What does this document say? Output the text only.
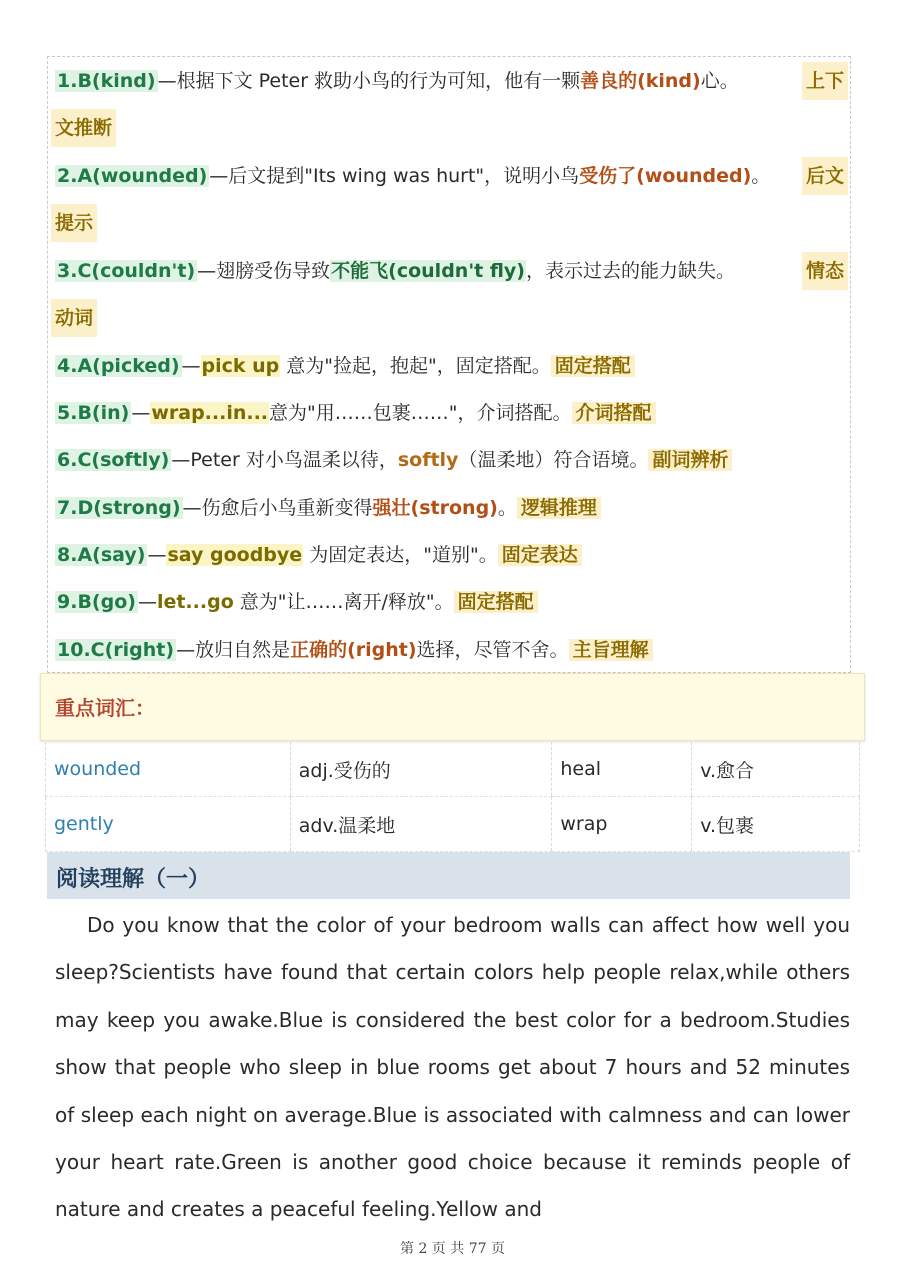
1.B(kind) —根据下文 Peter 救助小鸟的行为可知，他有一颗善良的(kind)心。	上下
文推断
2.A(wounded) —后文提到"Its wing was hurt"，说明小鸟受伤了(wounded)。 后文
提示
3.C(couldn't) —翅膀受伤导致不能飞(couldn't fly)，表示过去的能力缺失。	情态
动词
4.A(picked) —pick up 意为"捡起，抱起"，固定搭配。 固定搭配
5.B(in) —wrap...in...意为"用……包裹……"，介词搭配。 介词搭配
6.C(softly) —Peter 对小鸟温柔以待，softly（温柔地）符合语境。 副词辨析
7.D(strong) —伤愈后小鸟重新变得强壮(strong)。 逻辑推理
8.A(say) —say goodbye 为固定表达，"道别"。 固定表达
9.B(go) —let...go 意为"让……离开/释放"。 固定搭配
10.C(right) —放归自然是正确的(right)选择，尽管不舍。 主旨理解
重点词汇：
wounded	adj.受伤的	heal	v.愈合
gently	adv.温柔地	wrap	v.包裹
阅读理解（一）

Do you know that the color of your bedroom walls can affect how well you sleep?Scientists have found that certain colors help people relax,while others may keep you awake.Blue is considered the best color for a bedroom.Studies show that people who sleep in blue rooms get about 7 hours and 52 minutes of sleep each night on average.Blue is associated with calmness and can lower your heart rate.Green is another good choice because it reminds people of nature and creates a peaceful feeling.Yellow and

第 2 页 共 77 页
